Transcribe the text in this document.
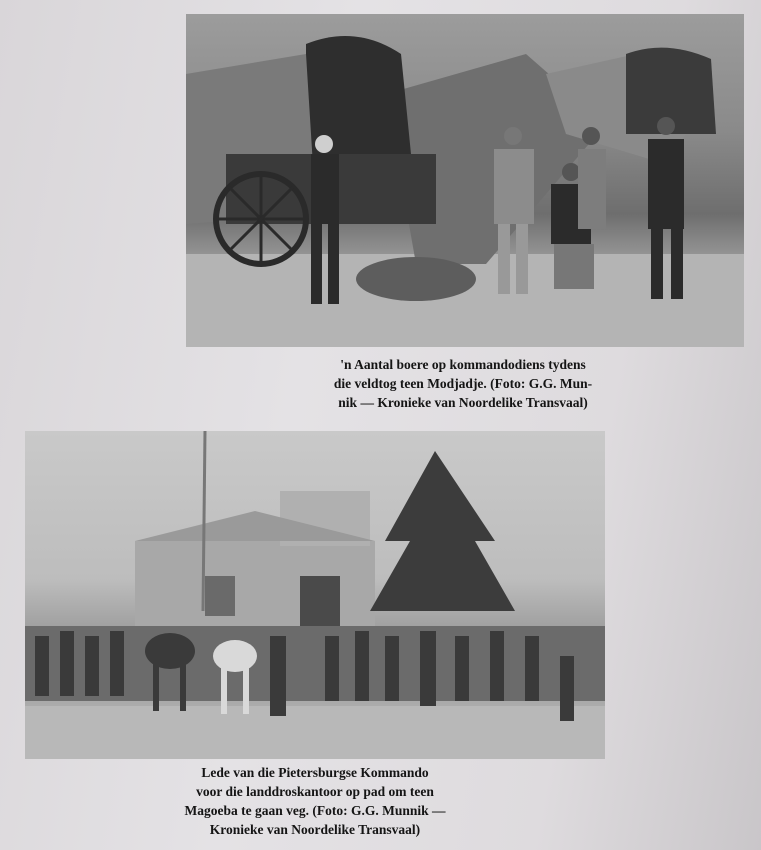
'n Aantal boere op kommandodiens tydens
die veldtog teen Modjadje. (Foto: G.G. Mun-
nik — Kronieke van Noordelike Transvaal)
Lede van die Pietersburgse Kommando
voor die landdroskantoor op pad om teen
Magoeba te gaan veg. (Foto: G.G. Munnik —
Kronieke van Noordelike Transvaal)
